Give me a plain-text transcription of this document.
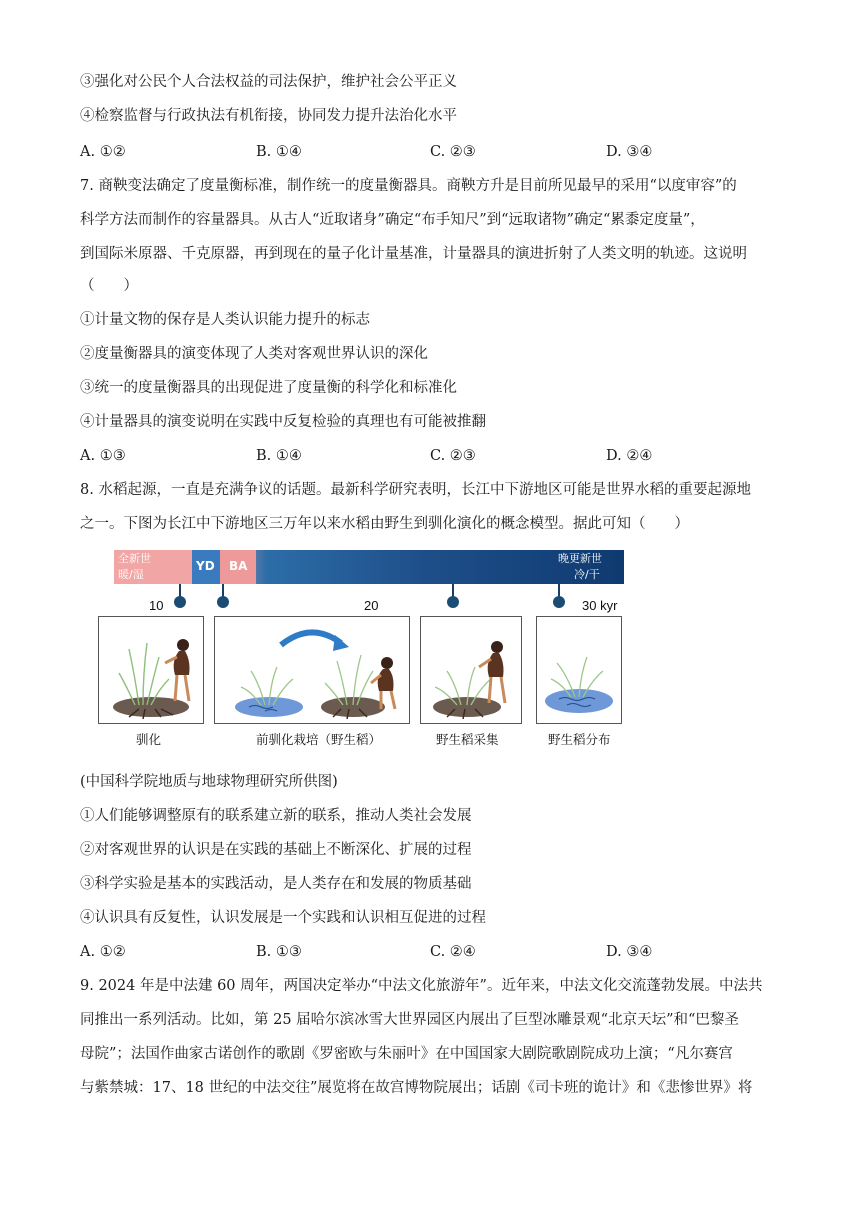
③强化对公民个人合法权益的司法保护，维护社会公平正义
④检察监督与行政执法有机衔接，协同发力提升法治化水平
A. ①②	B. ①④	C. ②③	D. ③④
7. 商鞅变法确定了度量衡标准，制作统一的度量衡器具。商鞅方升是目前所见最早的采用“以度审容”的
科学方法而制作的容量器具。从古人“近取诸身”确定“布手知尺”到“远取诸物”确定“累黍定度量”，
到国际米原器、千克原器，再到现在的量子化计量基准，计量器具的演进折射了人类文明的轨迹。这说明
（　　）
①计量文物的保存是人类认识能力提升的标志
②度量衡器具的演变体现了人类对客观世界认识的深化
③统一的度量衡器具的出现促进了度量衡的科学化和标准化
④计量器具的演变说明在实践中反复检验的真理也有可能被推翻
A. ①③	B. ①④	C. ②③	D. ②④
8. 水稻起源，一直是充满争议的话题。最新科学研究表明，长江中下游地区可能是世界水稻的重要起源地
之一。下图为长江中下游地区三万年以来水稻由野生到驯化演化的概念模型。据此可知（　　）
全新世
暖/湿
YD BA
晚更新世
冷/干
10	20	30 kyr
驯化	前驯化栽培（野生稻）	野生稻采集	野生稻分布
(中国科学院地质与地球物理研究所供图)
①人们能够调整原有的联系建立新的联系，推动人类社会发展
②对客观世界的认识是在实践的基础上不断深化、扩展的过程
③科学实验是基本的实践活动，是人类存在和发展的物质基础
④认识具有反复性，认识发展是一个实践和认识相互促进的过程
A. ①②	B. ①③	C. ②④	D. ③④
9. 2024 年是中法建 60 周年，两国决定举办“中法文化旅游年”。近年来，中法文化交流蓬勃发展。中法共
同推出一系列活动。比如，第 25 届哈尔滨冰雪大世界园区内展出了巨型冰雕景观“北京天坛”和“巴黎圣
母院”；法国作曲家古诺创作的歌剧《罗密欧与朱丽叶》在中国国家大剧院歌剧院成功上演；“凡尔赛宫
与紫禁城：17、18 世纪的中法交往”展览将在故宫博物院展出；话剧《司卡班的诡计》和《悲惨世界》将
